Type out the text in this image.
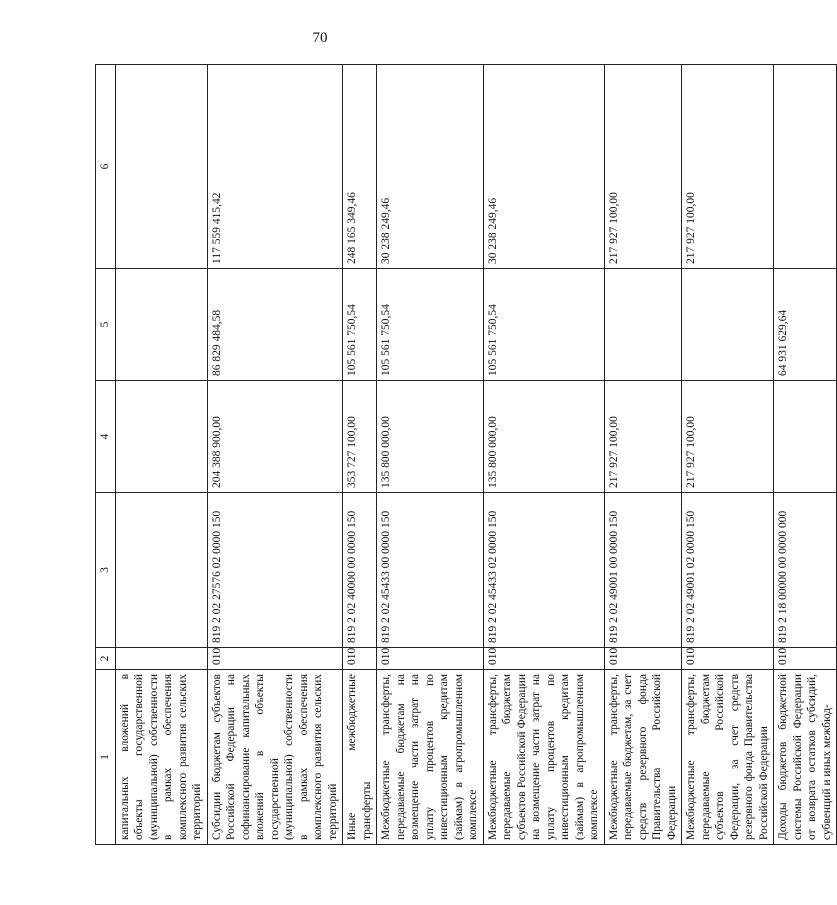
70
1	2	3	4	5	6
капитальных вложений в объекты государственной (муниципальной) собственности в рамках обеспечения комплексного развития сельских территорий					
Субсидии бюджетам субъектов Российской Федерации на софинансирование капитальных вложений в объекты государственной (муниципальной) собственности в рамках обеспечения комплексного развития сельских территорий	010	819 2 02 27576 02 0000 150	204 388 900,00	86 829 484,58	117 559 415,42
Иные межбюджетные трансферты	010	819 2 02 40000 00 0000 150	353 727 100,00	105 561 750,54	248 165 349,46
Межбюджетные трансферты, передаваемые бюджетам на возмещение части затрат на уплату процентов по инвестиционным кредитам (займам) в агропромышленном комплексе	010	819 2 02 45433 00 0000 150	135 800 000,00	105 561 750,54	30 238 249,46
Межбюджетные трансферты, передаваемые бюджетам субъектов Российской Федерации на возмещение части затрат на уплату процентов по инвестиционным кредитам (займам) в агропромышленном комплексе	010	819 2 02 45433 02 0000 150	135 800 000,00	105 561 750,54	30 238 249,46
Межбюджетные трансферты, передаваемые бюджетам, за счет средств резервного фонда Правительства Российской Федерации	010	819 2 02 49001 00 0000 150	217 927 100,00		217 927 100,00
Межбюджетные трансферты, передаваемые бюджетам субъектов Российской Федерации, за счет средств резервного фонда Правительства Российской Федерации	010	819 2 02 49001 02 0000 150	217 927 100,00		217 927 100,00
Доходы бюджетов бюджетной системы Российской Федерации от возврата остатков субсидий, субвенций и иных межбюд-	010	819 2 18 00000 00 0000 000		64 931 629,64	
